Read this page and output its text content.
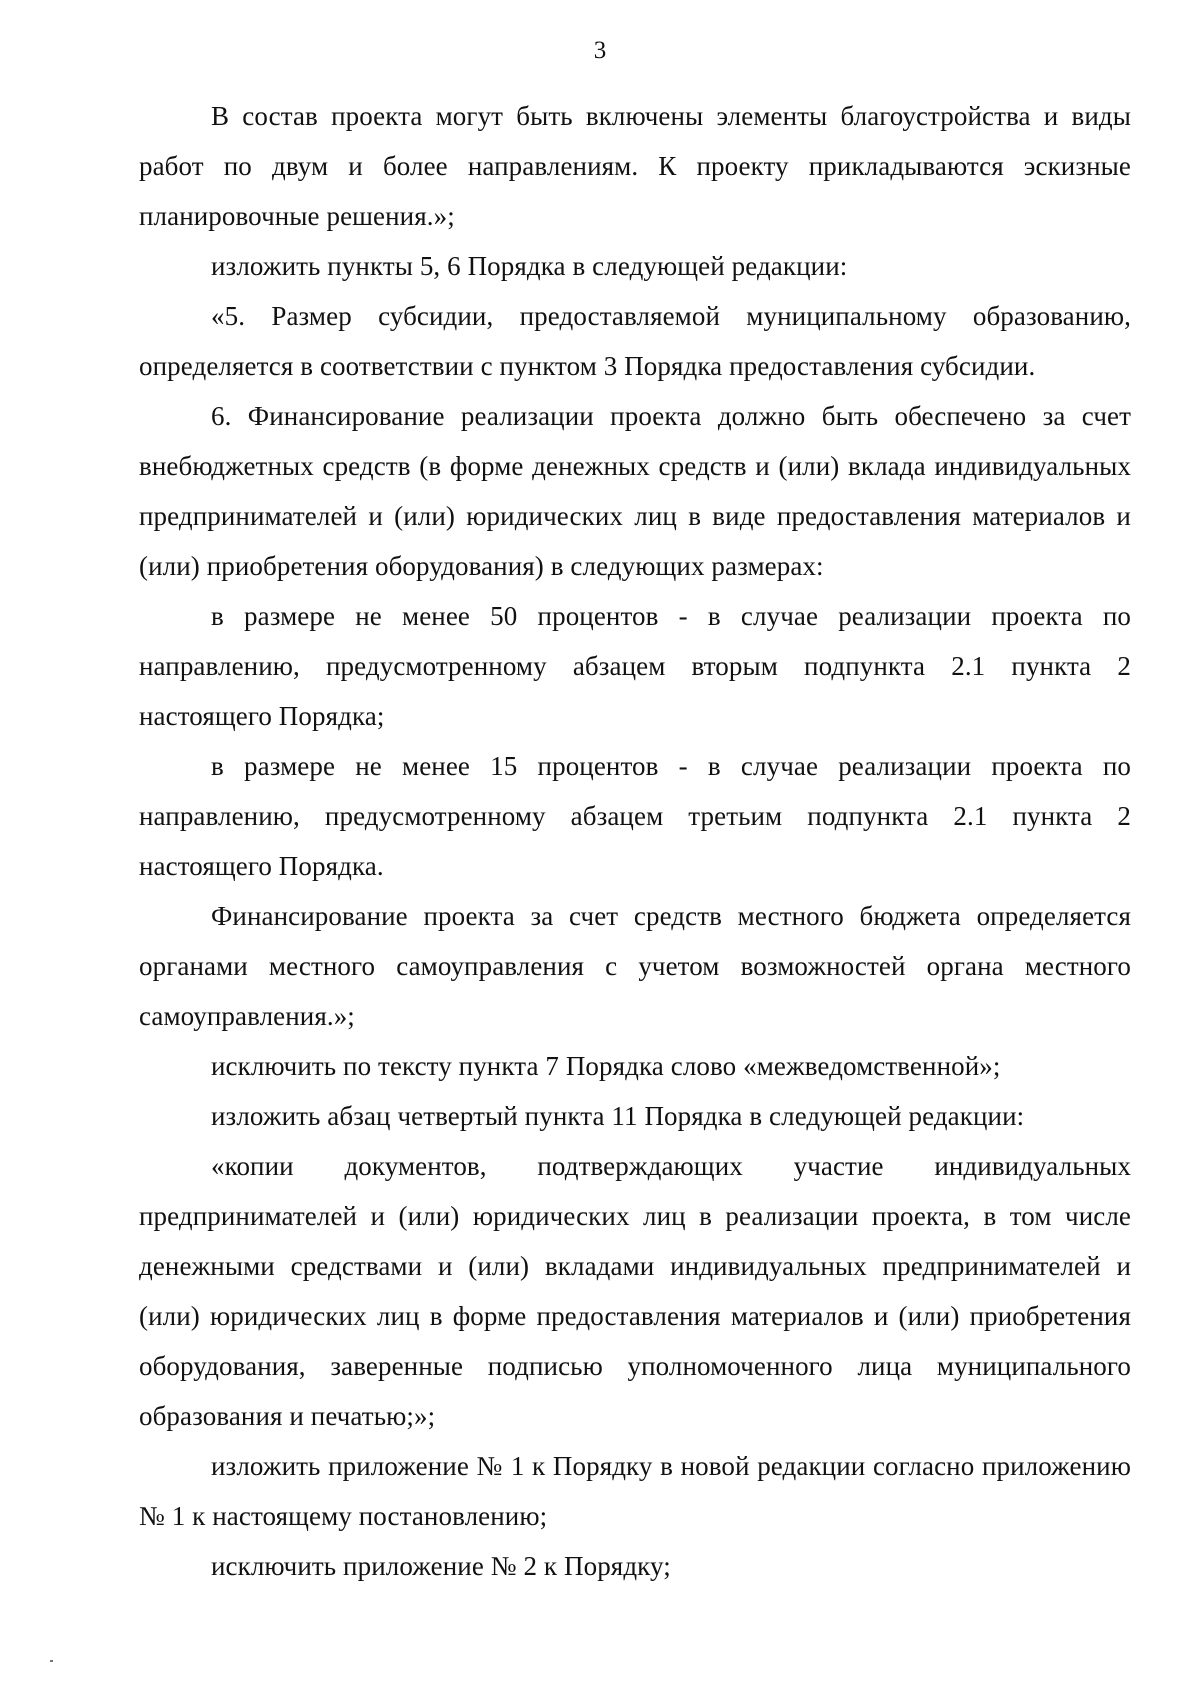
3

В состав проекта могут быть включены элементы благоустройства и виды работ по двум и более направлениям. К проекту прикладываются эскизные планировочные решения.»;

изложить пункты 5, 6 Порядка в следующей редакции:

«5. Размер субсидии, предоставляемой муниципальному образованию, определяется в соответствии с пунктом 3 Порядка предоставления субсидии.

6. Финансирование реализации проекта должно быть обеспечено за счет внебюджетных средств (в форме денежных средств и (или) вклада индивидуальных предпринимателей и (или) юридических лиц в виде предоставления материалов и (или) приобретения оборудования) в следующих размерах:

в размере не менее 50 процентов - в случае реализации проекта по направлению, предусмотренному абзацем вторым подпункта 2.1 пункта 2 настоящего Порядка;

в размере не менее 15 процентов - в случае реализации проекта по направлению, предусмотренному абзацем третьим подпункта 2.1 пункта 2 настоящего Порядка.

Финансирование проекта за счет средств местного бюджета определяется органами местного самоуправления с учетом возможностей органа местного самоуправления.»;

исключить по тексту пункта 7 Порядка слово «межведомственной»;

изложить абзац четвертый пункта 11 Порядка в следующей редакции:

«копии документов, подтверждающих участие индивидуальных предпринимателей и (или) юридических лиц в реализации проекта, в том числе денежными средствами и (или) вкладами индивидуальных предпринимателей и (или) юридических лиц в форме предоставления материалов и (или) приобретения оборудования, заверенные подписью уполномоченного лица муниципального образования и печатью;»;

изложить приложение № 1 к Порядку в новой редакции согласно приложению № 1 к настоящему постановлению;

исключить приложение № 2 к Порядку;
